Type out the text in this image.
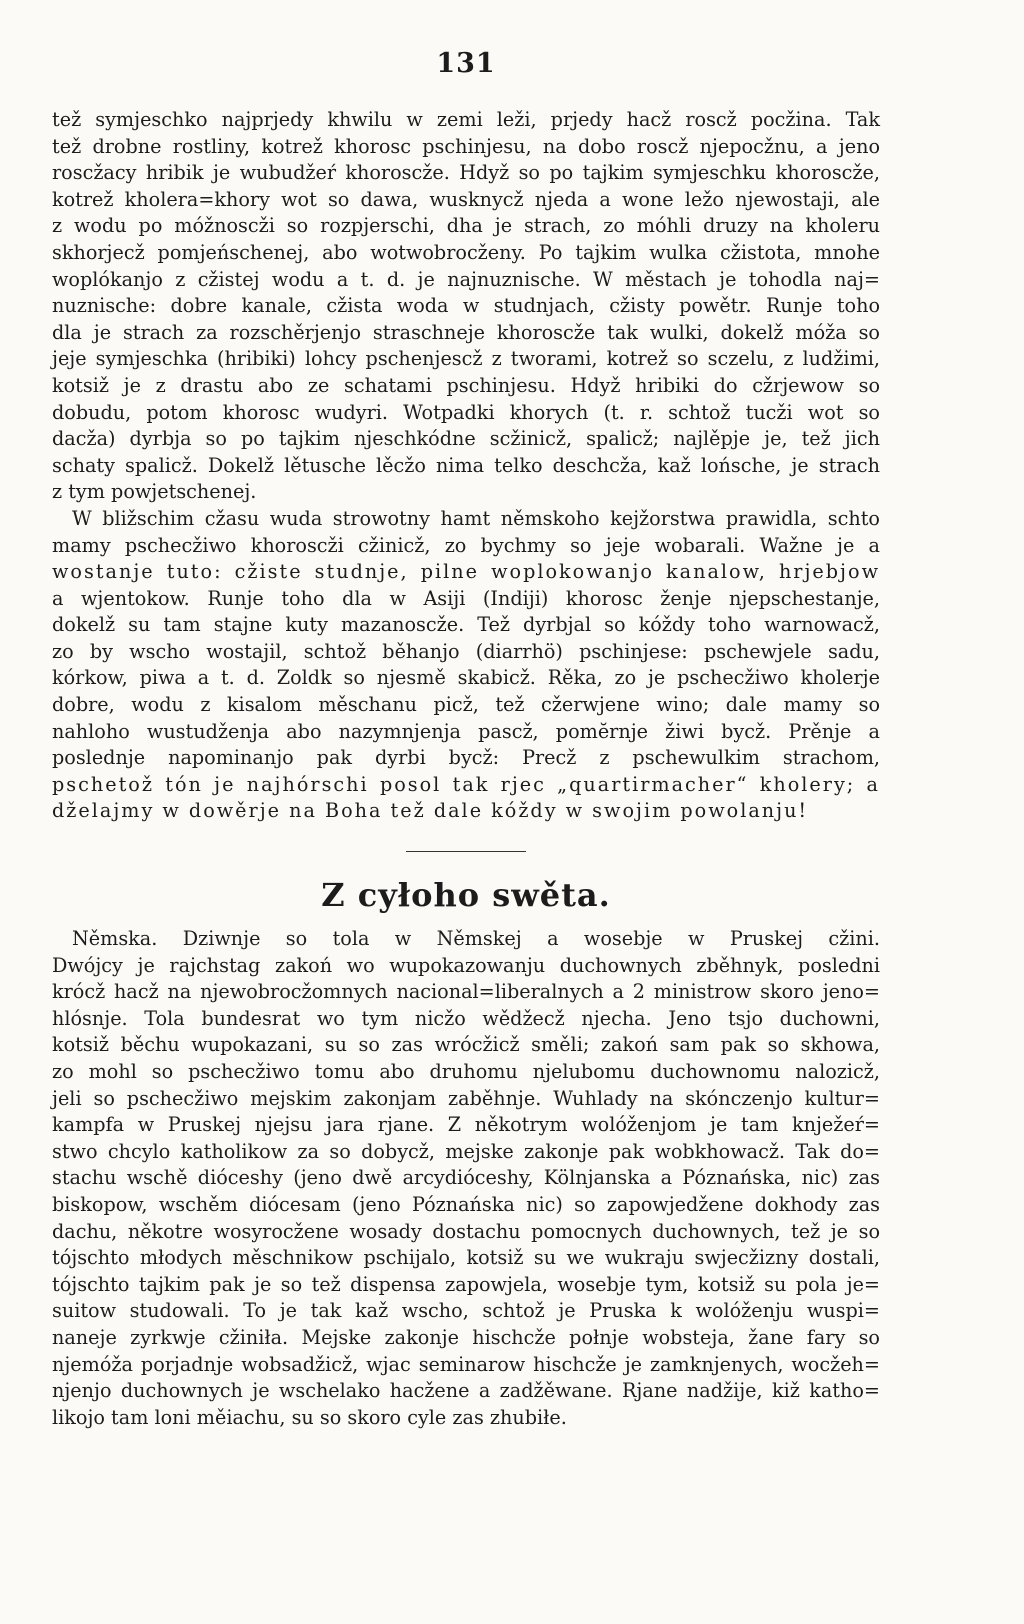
131
tež symjeschko najprjedy khwilu w zemi leži, prjedy hacž roscž pocžina. Tak
tež drobne rostliny, kotrež khorosc pschinjesu, na dobo roscž njepocžnu, a jeno
roscžacy hribik je wubudžeŕ khoroscže. Hdyž so po tajkim symjeschku khoroscže,
kotrež kholera=khory wot so dawa, wusknycž njeda a wone ležo njewostaji, ale
z wodu po móžnoscži so rozpjerschi, dha je strach, zo móhli druzy na kholeru
skhorjecž pomjeńschenej, abo wotwobrocženy. Po tajkim wulka cžistota, mnohe
woplókanjo z cžistej wodu a t. d. je najnuznische. W městach je tohodla naj=
nuznische: dobre kanale, cžista woda w studnjach, cžisty powětr. Runje toho
dla je strach za rozschěrjenjo straschneje khoroscže tak wulki, dokelž móža so
jeje symjeschka (hribiki) lohcy pschenjescž z tworami, kotrež so sczelu, z ludžimi,
kotsiž je z drastu abo ze schatami pschinjesu. Hdyž hribiki do cžrjewow so
dobudu, potom khorosc wudyri. Wotpadki khorych (t. r. schtož tucži wot so
dacža) dyrbja so po tajkim njeschkódne scžinicž, spalicž; najlěpje je, tež jich
schaty spalicž. Dokelž lětusche lěcžo nima telko deschcža, kaž lońsche, je strach
z tym powjetschenej.
W bližschim cžasu wuda strowotny hamt němskoho kejžorstwa prawidla, schto
mamy pschecžiwo khoroscži cžinicž, zo bychmy so jeje wobarali. Wažne je a
wostanje tuto: cžiste studnje, pilne woplokowanjo kanalow, hrjebjow
a wjentokow. Runje toho dla w Asiji (Indiji) khorosc ženje njepschestanje,
dokelž su tam stajne kuty mazanoscže. Tež dyrbjal so kóždy toho warnowacž,
zo by wscho wostajil, schtož běhanjo (diarrhö) pschinjese: pschewjele sadu,
kórkow, piwa a t. d. Zoldk so njesmě skabicž. Rěka, zo je pschecžiwo kholerje
dobre, wodu z kisalom měschanu picž, tež cžerwjene wino; dale mamy so
nahloho wustudženja abo nazymnjenja pascž, pomĕrnje žiwi bycž. Prěnje a
poslednje napominanjo pak dyrbi bycž: Precž z pschewulkim strachom,
pschetož tón je najhórschi posol tak rjec „quartirmacher“ kholery; a
dželajmy w dowěrje na Boha tež dale kóždy w swojim powolanju!
Z cyłoho swěta.
Němska. Dziwnje so tola w Němskej a wosebje w Pruskej cžini.
Dwójcy je rajchstag zakoń wo wupokazowanju duchownych zběhnyk, posledni
krócž hacž na njewobrocžomnych nacional=liberalnych a 2 ministrow skoro jeno=
hlósnje. Tola bundesrat wo tym nicžo wědžecž njecha. Jeno tsjo duchowni,
kotsiž běchu wupokazani, su so zas wrócžicž směli; zakoń sam pak so skhowa,
zo mohl so pschecžiwo tomu abo druhomu njelubomu duchownomu nalozicž,
jeli so pschecžiwo mejskim zakonjam zaběhnje. Wuhlady na skónczenjo kultur=
kampfa w Pruskej njejsu jara rjane. Z někotrym wolóženjom je tam knježeŕ=
stwo chcylo katholikow za so dobycž, mejske zakonje pak wobkhowacž. Tak do=
stachu wschě dióceshy (jeno dwě arcydióceshy, Kölnjanska a Póznańska, nic) zas
biskopow, wschěm diócesam (jeno Póznańska nic) so zapowjedžene dokhody zas
dachu, někotre wosyrocžene wosady dostachu pomocnych duchownych, tež je so
tójschto młodych měschnikow pschijalo, kotsiž su we wukraju swjecžizny dostali,
tójschto tajkim pak je so tež dispensa zapowjela, wosebje tym, kotsiž su pola je=
suitow studowali. To je tak kaž wscho, schtož je Pruska k wolóženju wuspi=
naneje zyrkwje cžiniła. Mejske zakonje hischcže połnje wobsteja, žane fary so
njemóža porjadnje wobsadžicž, wjac seminarow hischcže je zamknjenych, wocžeh=
njenjo duchownych je wschelako hacžene a zadžěwane. Rjane nadžije, kiž katho=
likojo tam loni měiachu, su so skoro cyle zas zhubiłe.
